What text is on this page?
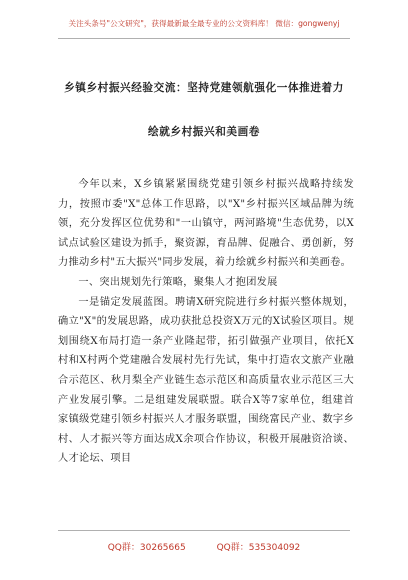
关注头条号"公文研究"，获得最新最全最专业的公文资料库！ 微信：gongwenyj
乡镇乡村振兴经验交流：坚持党建领航强化一体推进着力
绘就乡村振兴和美画卷

今年以来，X乡镇紧紧围绕党建引领乡村振兴战略持续发力，按照市委"X"总体工作思路，以"X"乡村振兴区域品牌为统领，充分发挥区位优势和"一山镇守，两河路境"生态优势，以X试点试验区建设为抓手，聚资源，育品牌、促融合、勇创新，努力推动乡村"五大振兴"同步发展，着力绘就乡村振兴和美画卷。

一、突出规划先行策略，聚集人才抱团发展

一是锚定发展蓝图。聘请X研究院进行乡村振兴整体规划，确立"X"的发展思路，成功获批总投资X万元的X试验区项目。规划围绕X布局打造一条产业隆起带，拓引做强产业项目，依托X村和X村两个党建融合发展村先行先试，集中打造农文旅产业融合示范区、秋月梨全产业链生态示范区和高质量农业示范区三大产业发展引擎。二是组建发展联盟。联合X等7家单位，组建首家镇级党建引领乡村振兴人才服务联盟，围绕富民产业、数字乡村、人才振兴等方面达成X余项合作协议，积极开展融资洽谈、人才论坛、项目

QQ群：30265665	QQ群：535304092
